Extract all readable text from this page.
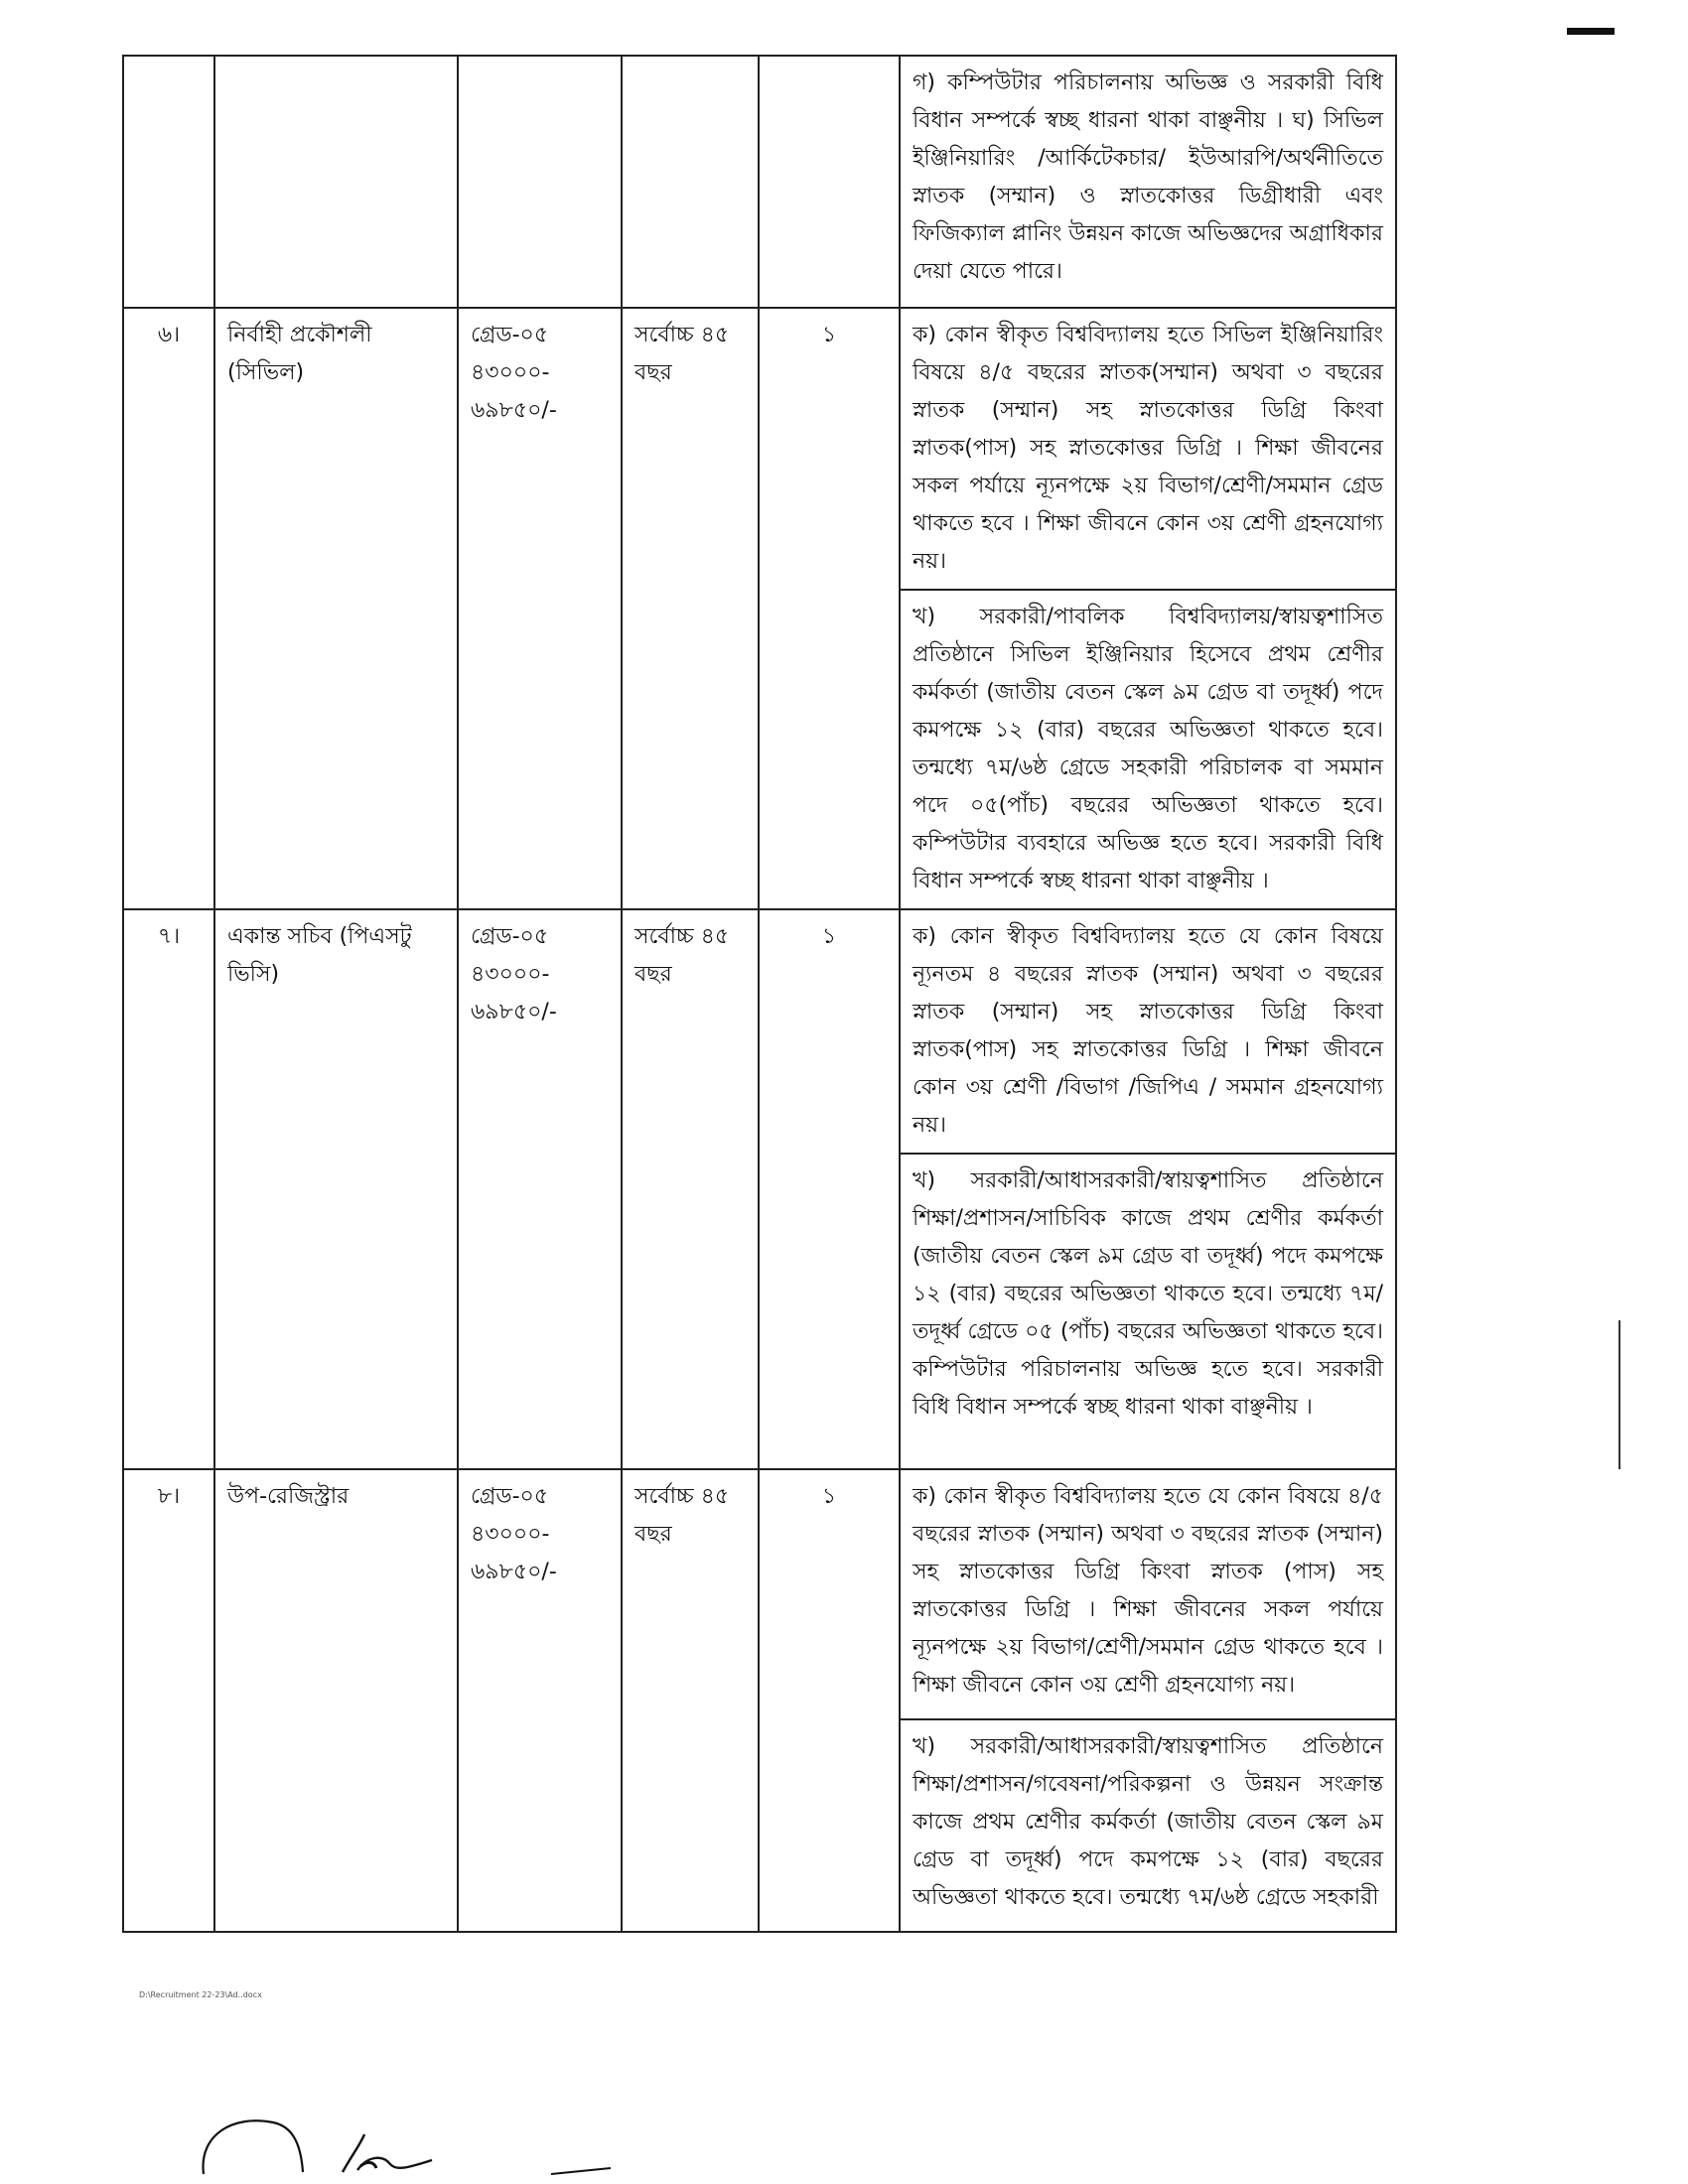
					গ) কম্পিউটার পরিচালনায় অভিজ্ঞ ও সরকারী বিধি বিধান সম্পর্কে স্বচ্ছ ধারনা থাকা বাঞ্ছনীয় । ঘ) সিভিল ইঞ্জিনিয়ারিং /আর্কিটেকচার/ ইউআরপি/অর্থনীতিতে স্নাতক (সম্মান) ও স্নাতকোত্তর ডিগ্রীধারী এবং ফিজিক্যাল প্লানিং উন্নয়ন কাজে অভিজ্ঞদের অগ্রাধিকার দেয়া যেতে পারে।
৬।	নির্বাহী প্রকৌশলী (সিভিল)	গ্রেড-০৫ ৪৩০০০- ৬৯৮৫০/-	সর্বোচ্চ ৪৫ বছর	১	ক) কোন স্বীকৃত বিশ্ববিদ্যালয় হতে সিভিল ইঞ্জিনিয়ারিং বিষয়ে ৪/৫ বছরের স্নাতক(সম্মান) অথবা ৩ বছরের স্নাতক (সম্মান) সহ স্নাতকোত্তর ডিগ্রি কিংবা স্নাতক(পাস) সহ স্নাতকোত্তর ডিগ্রি । শিক্ষা জীবনের সকল পর্যায়ে ন্যূনপক্ষে ২য় বিভাগ/শ্রেণী/সমমান গ্রেড থাকতে হবে । শিক্ষা জীবনে কোন ৩য় শ্রেণী গ্রহনযোগ্য নয়।
					খ) সরকারী/পাবলিক বিশ্ববিদ্যালয়/স্বায়ত্বশাসিত প্রতিষ্ঠানে সিভিল ইঞ্জিনিয়ার হিসেবে প্রথম শ্রেণীর কর্মকর্তা (জাতীয় বেতন স্কেল ৯ম গ্রেড বা তদূর্ধ্ব) পদে কমপক্ষে ১২ (বার) বছরের অভিজ্ঞতা থাকতে হবে। তন্মধ্যে ৭ম/৬ষ্ঠ গ্রেডে সহকারী পরিচালক বা সমমান পদে ০৫(পাঁচ) বছরের অভিজ্ঞতা থাকতে হবে। কম্পিউটার ব্যবহারে অভিজ্ঞ হতে হবে। সরকারী বিধি বিধান সম্পর্কে স্বচ্ছ ধারনা থাকা বাঞ্ছনীয় ।
৭।	একান্ত সচিব (পিএসটু ভিসি)	গ্রেড-০৫ ৪৩০০০- ৬৯৮৫০/-	সর্বোচ্চ ৪৫ বছর	১	ক) কোন স্বীকৃত বিশ্ববিদ্যালয় হতে যে কোন বিষয়ে ন্যূনতম ৪ বছরের স্নাতক (সম্মান) অথবা ৩ বছরের স্নাতক (সম্মান) সহ স্নাতকোত্তর ডিগ্রি কিংবা স্নাতক(পাস) সহ স্নাতকোত্তর ডিগ্রি । শিক্ষা জীবনে কোন ৩য় শ্রেণী /বিভাগ /জিপিএ / সমমান গ্রহনযোগ্য নয়।
					খ) সরকারী/আধাসরকারী/স্বায়ত্বশাসিত প্রতিষ্ঠানে শিক্ষা/প্রশাসন/সাচিবিক কাজে প্রথম শ্রেণীর কর্মকর্তা (জাতীয় বেতন স্কেল ৯ম গ্রেড বা তদূর্ধ্ব) পদে কমপক্ষে ১২ (বার) বছরের অভিজ্ঞতা থাকতে হবে। তন্মধ্যে ৭ম/তদূর্ধ্ব গ্রেডে ০৫ (পাঁচ) বছরের অভিজ্ঞতা থাকতে হবে। কম্পিউটার পরিচালনায় অভিজ্ঞ হতে হবে। সরকারী বিধি বিধান সম্পর্কে স্বচ্ছ ধারনা থাকা বাঞ্ছনীয় ।
৮।	উপ-রেজিস্ট্রার	গ্রেড-০৫ ৪৩০০০- ৬৯৮৫০/-	সর্বোচ্চ ৪৫ বছর	১	ক) কোন স্বীকৃত বিশ্ববিদ্যালয় হতে যে কোন বিষয়ে ৪/৫ বছরের স্নাতক (সম্মান) অথবা ৩ বছরের স্নাতক (সম্মান) সহ স্নাতকোত্তর ডিগ্রি কিংবা স্নাতক (পাস) সহ স্নাতকোত্তর ডিগ্রি । শিক্ষা জীবনের সকল পর্যায়ে ন্যূনপক্ষে ২য় বিভাগ/শ্রেণী/সমমান গ্রেড থাকতে হবে । শিক্ষা জীবনে কোন ৩য় শ্রেণী গ্রহনযোগ্য নয়।
					খ) সরকারী/আধাসরকারী/স্বায়ত্বশাসিত প্রতিষ্ঠানে শিক্ষা/প্রশাসন/গবেষনা/পরিকল্পনা ও উন্নয়ন সংক্রান্ত কাজে প্রথম শ্রেণীর কর্মকর্তা (জাতীয় বেতন স্কেল ৯ম গ্রেড বা তদূর্ধ্ব) পদে কমপক্ষে ১২ (বার) বছরের অভিজ্ঞতা থাকতে হবে। তন্মধ্যে ৭ম/৬ষ্ঠ গ্রেডে সহকারী
D:\Recruitment 22-23\Ad..docx
